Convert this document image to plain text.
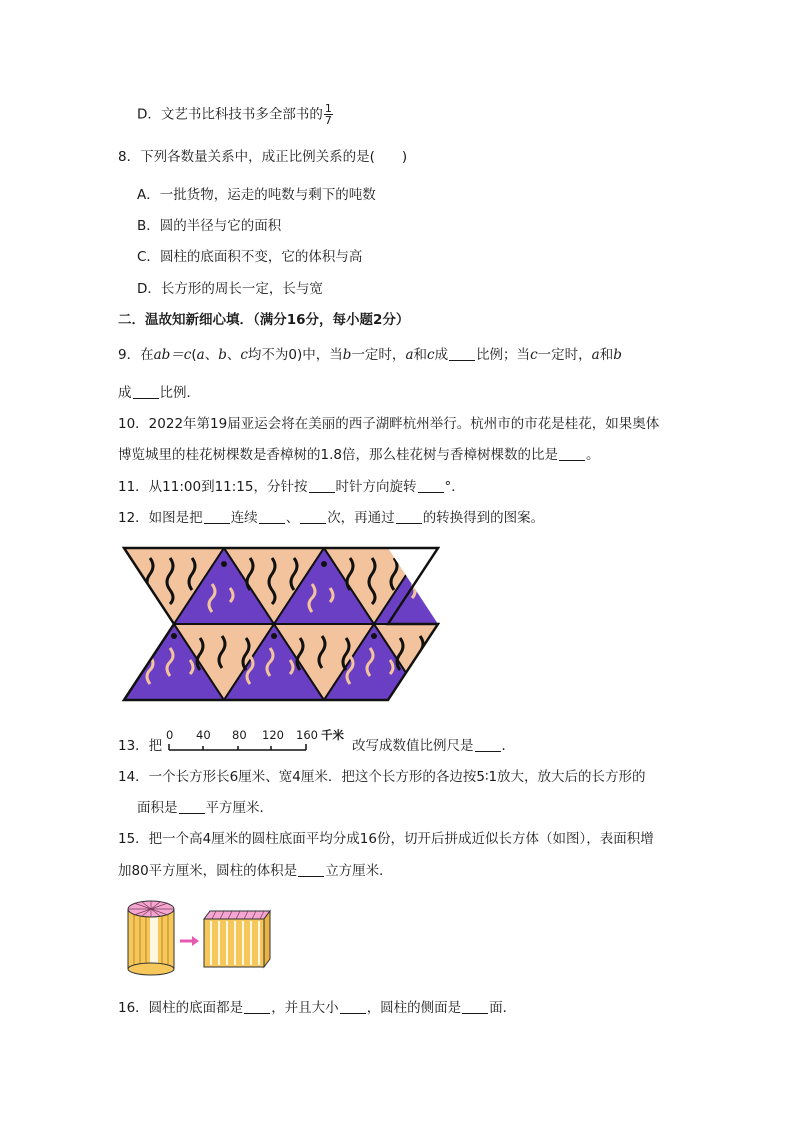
D．文艺书比科技书多全部书的 $\frac{1}{7}$
8．下列各数量关系中，成正比例关系的是(　　)
A．一批货物，运走的吨数与剩下的吨数
B．圆的半径与它的面积
C．圆柱的底面积不变，它的体积与高
D．长方形的周长一定，长与宽
二．温故知新细心填．（满分16分，每小题2分）
9．在ab＝c(a、b、c均不为0)中，当b一定时，a和c成 比例；当c一定时，a和b
成 比例．
10．2022年第19届亚运会将在美丽的西子湖畔杭州举行。杭州市的市花是桂花，如果奥体
博览城里的桂花树棵数是香樟树的1.8倍，那么桂花树与香樟树棵数的比是 。
11．从11:00到11:15，分针按 时针方向旋转 °．
12．如图是把 连续 、 次，再通过 的转换得到的图案。
13．把
0 40 80 120 160 千米
改写成数值比例尺是 ．
14．一个长方形长6厘米、宽4厘米．把这个长方形的各边按5∶1放大，放大后的长方形的
面积是 平方厘米．
15．把一个高4厘米的圆柱底面平均分成16份，切开后拼成近似长方体（如图），表面积增
加80平方厘米，圆柱的体积是 立方厘米．
16．圆柱的底面都是 ，并且大小 ，圆柱的侧面是 面．
